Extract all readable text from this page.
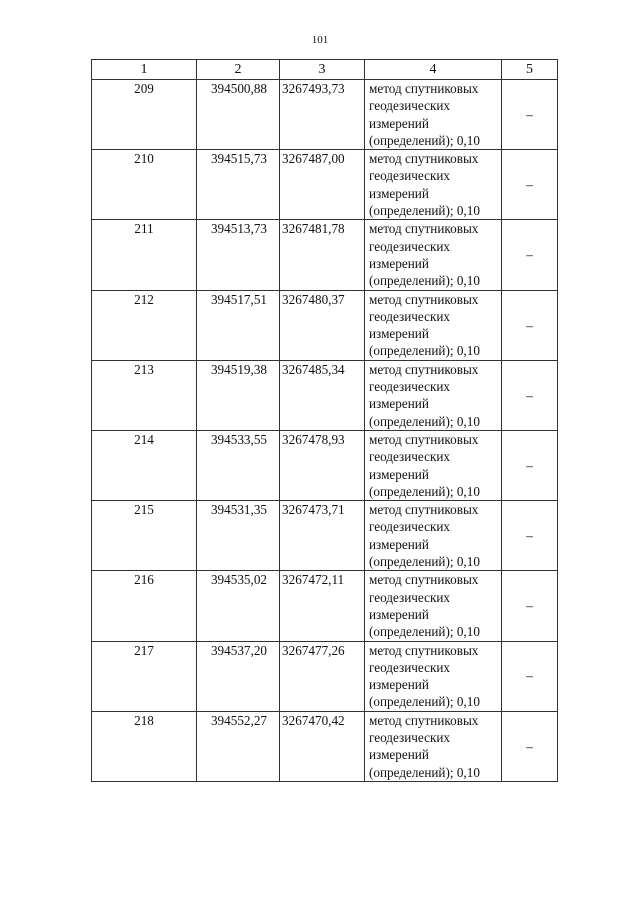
101
1	2	3	4	5
209	394500,88	3267493,73	метод спутниковых
геодезических
измерений
(определений); 0,10	–
210	394515,73	3267487,00	метод спутниковых
геодезических
измерений
(определений); 0,10	–
211	394513,73	3267481,78	метод спутниковых
геодезических
измерений
(определений); 0,10	–
212	394517,51	3267480,37	метод спутниковых
геодезических
измерений
(определений); 0,10	–
213	394519,38	3267485,34	метод спутниковых
геодезических
измерений
(определений); 0,10	–
214	394533,55	3267478,93	метод спутниковых
геодезических
измерений
(определений); 0,10	–
215	394531,35	3267473,71	метод спутниковых
геодезических
измерений
(определений); 0,10	–
216	394535,02	3267472,11	метод спутниковых
геодезических
измерений
(определений); 0,10	–
217	394537,20	3267477,26	метод спутниковых
геодезических
измерений
(определений); 0,10	–
218	394552,27	3267470,42	метод спутниковых
геодезических
измерений
(определений); 0,10	–
